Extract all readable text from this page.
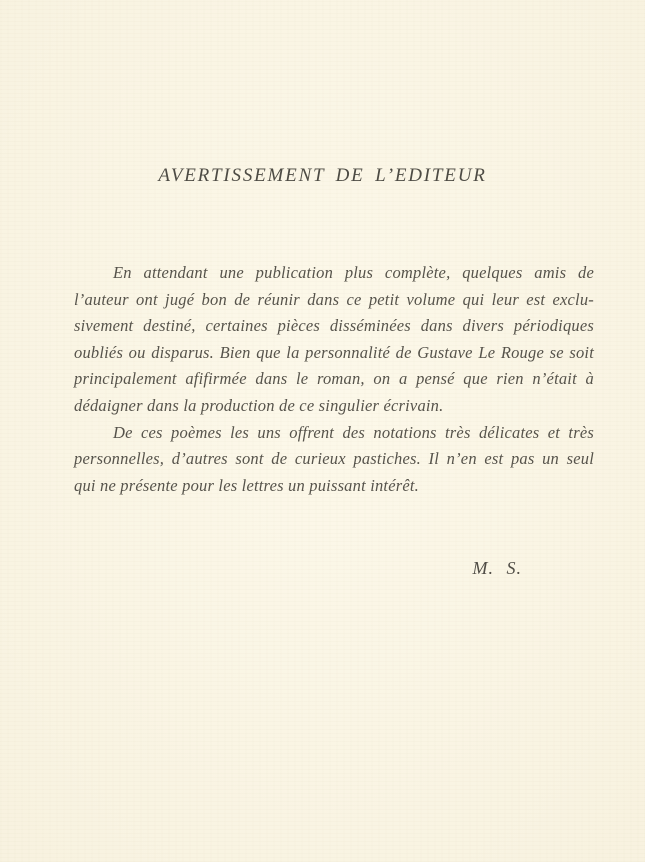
AVERTISSEMENT DE L’EDITEUR
En attendant une publication plus complète, quelques amis de
l’auteur ont jugé bon de réunir dans ce petit volume qui leur est exclu-
sivement destiné, certaines pièces disséminées dans divers périodiques
oubliés ou disparus. Bien que la personnalité de Gustave Le Rouge se soit
principalement afifirmée dans le roman, on a pensé que rien n’était à
dédaigner dans la production de ce singulier écrivain.
De ces poèmes les uns offrent des notations très délicates et très
personnelles, d’autres sont de curieux pastiches. Il n’en est pas un seul
qui ne présente pour les lettres un puissant intérêt.
M. S.
